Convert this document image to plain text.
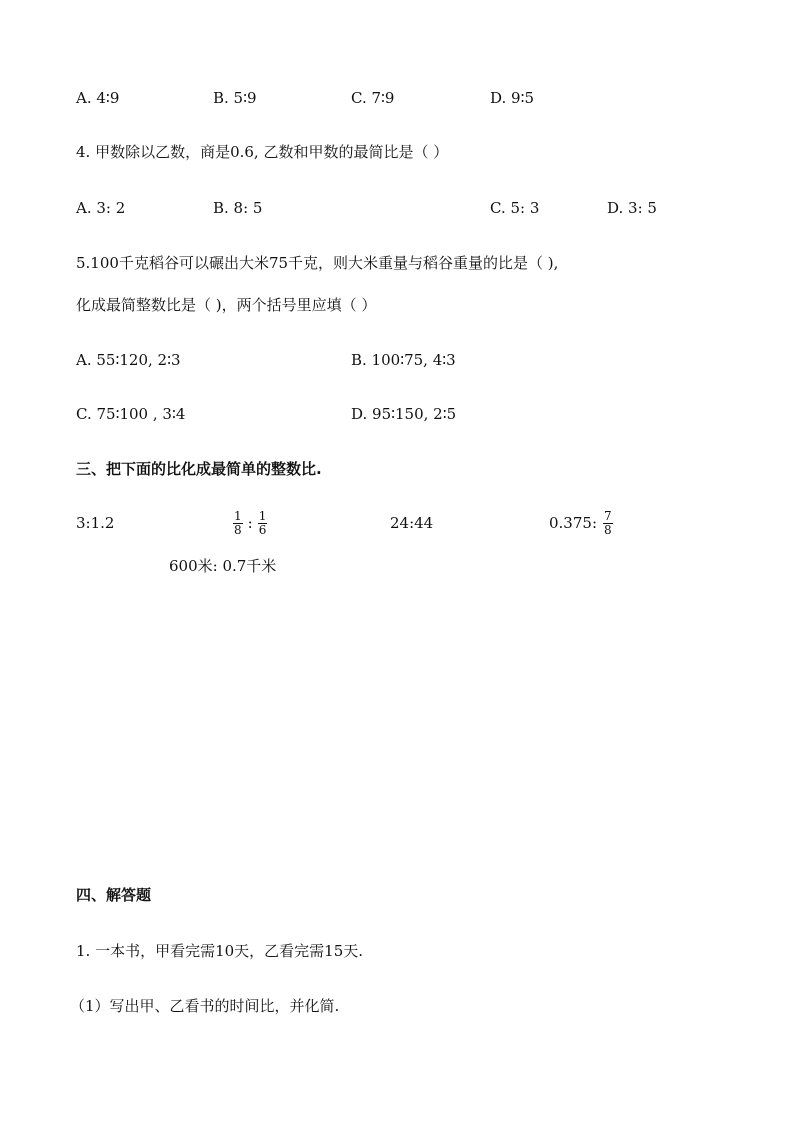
A. 4∶9	B. 5∶9	C. 7∶9	D. 9∶5
4. 甲数除以乙数，商是0.6, 乙数和甲数的最简比是（ ）
A. 3: 2	B. 8: 5	C. 5: 3	D. 3: 5
5.100千克稻谷可以碾出大米75千克，则大米重量与稻谷重量的比是（ ),
化成最简整数比是（ )，两个括号里应填（ ）
A. 55∶120, 2∶3	B. 100∶75, 4∶3
C. 75∶100 , 3∶4	D. 95∶150, 2∶5
三、把下面的比化成最简单的整数比.
3:1.2	$\frac{1}{8}$ : $\frac{1}{6}$	24:44	0.375: $\frac{7}{8}$
600米: 0.7千米
四、解答题
1. 一本书，甲看完需10天，乙看完需15天.
（1）写出甲、乙看书的时间比，并化简.
